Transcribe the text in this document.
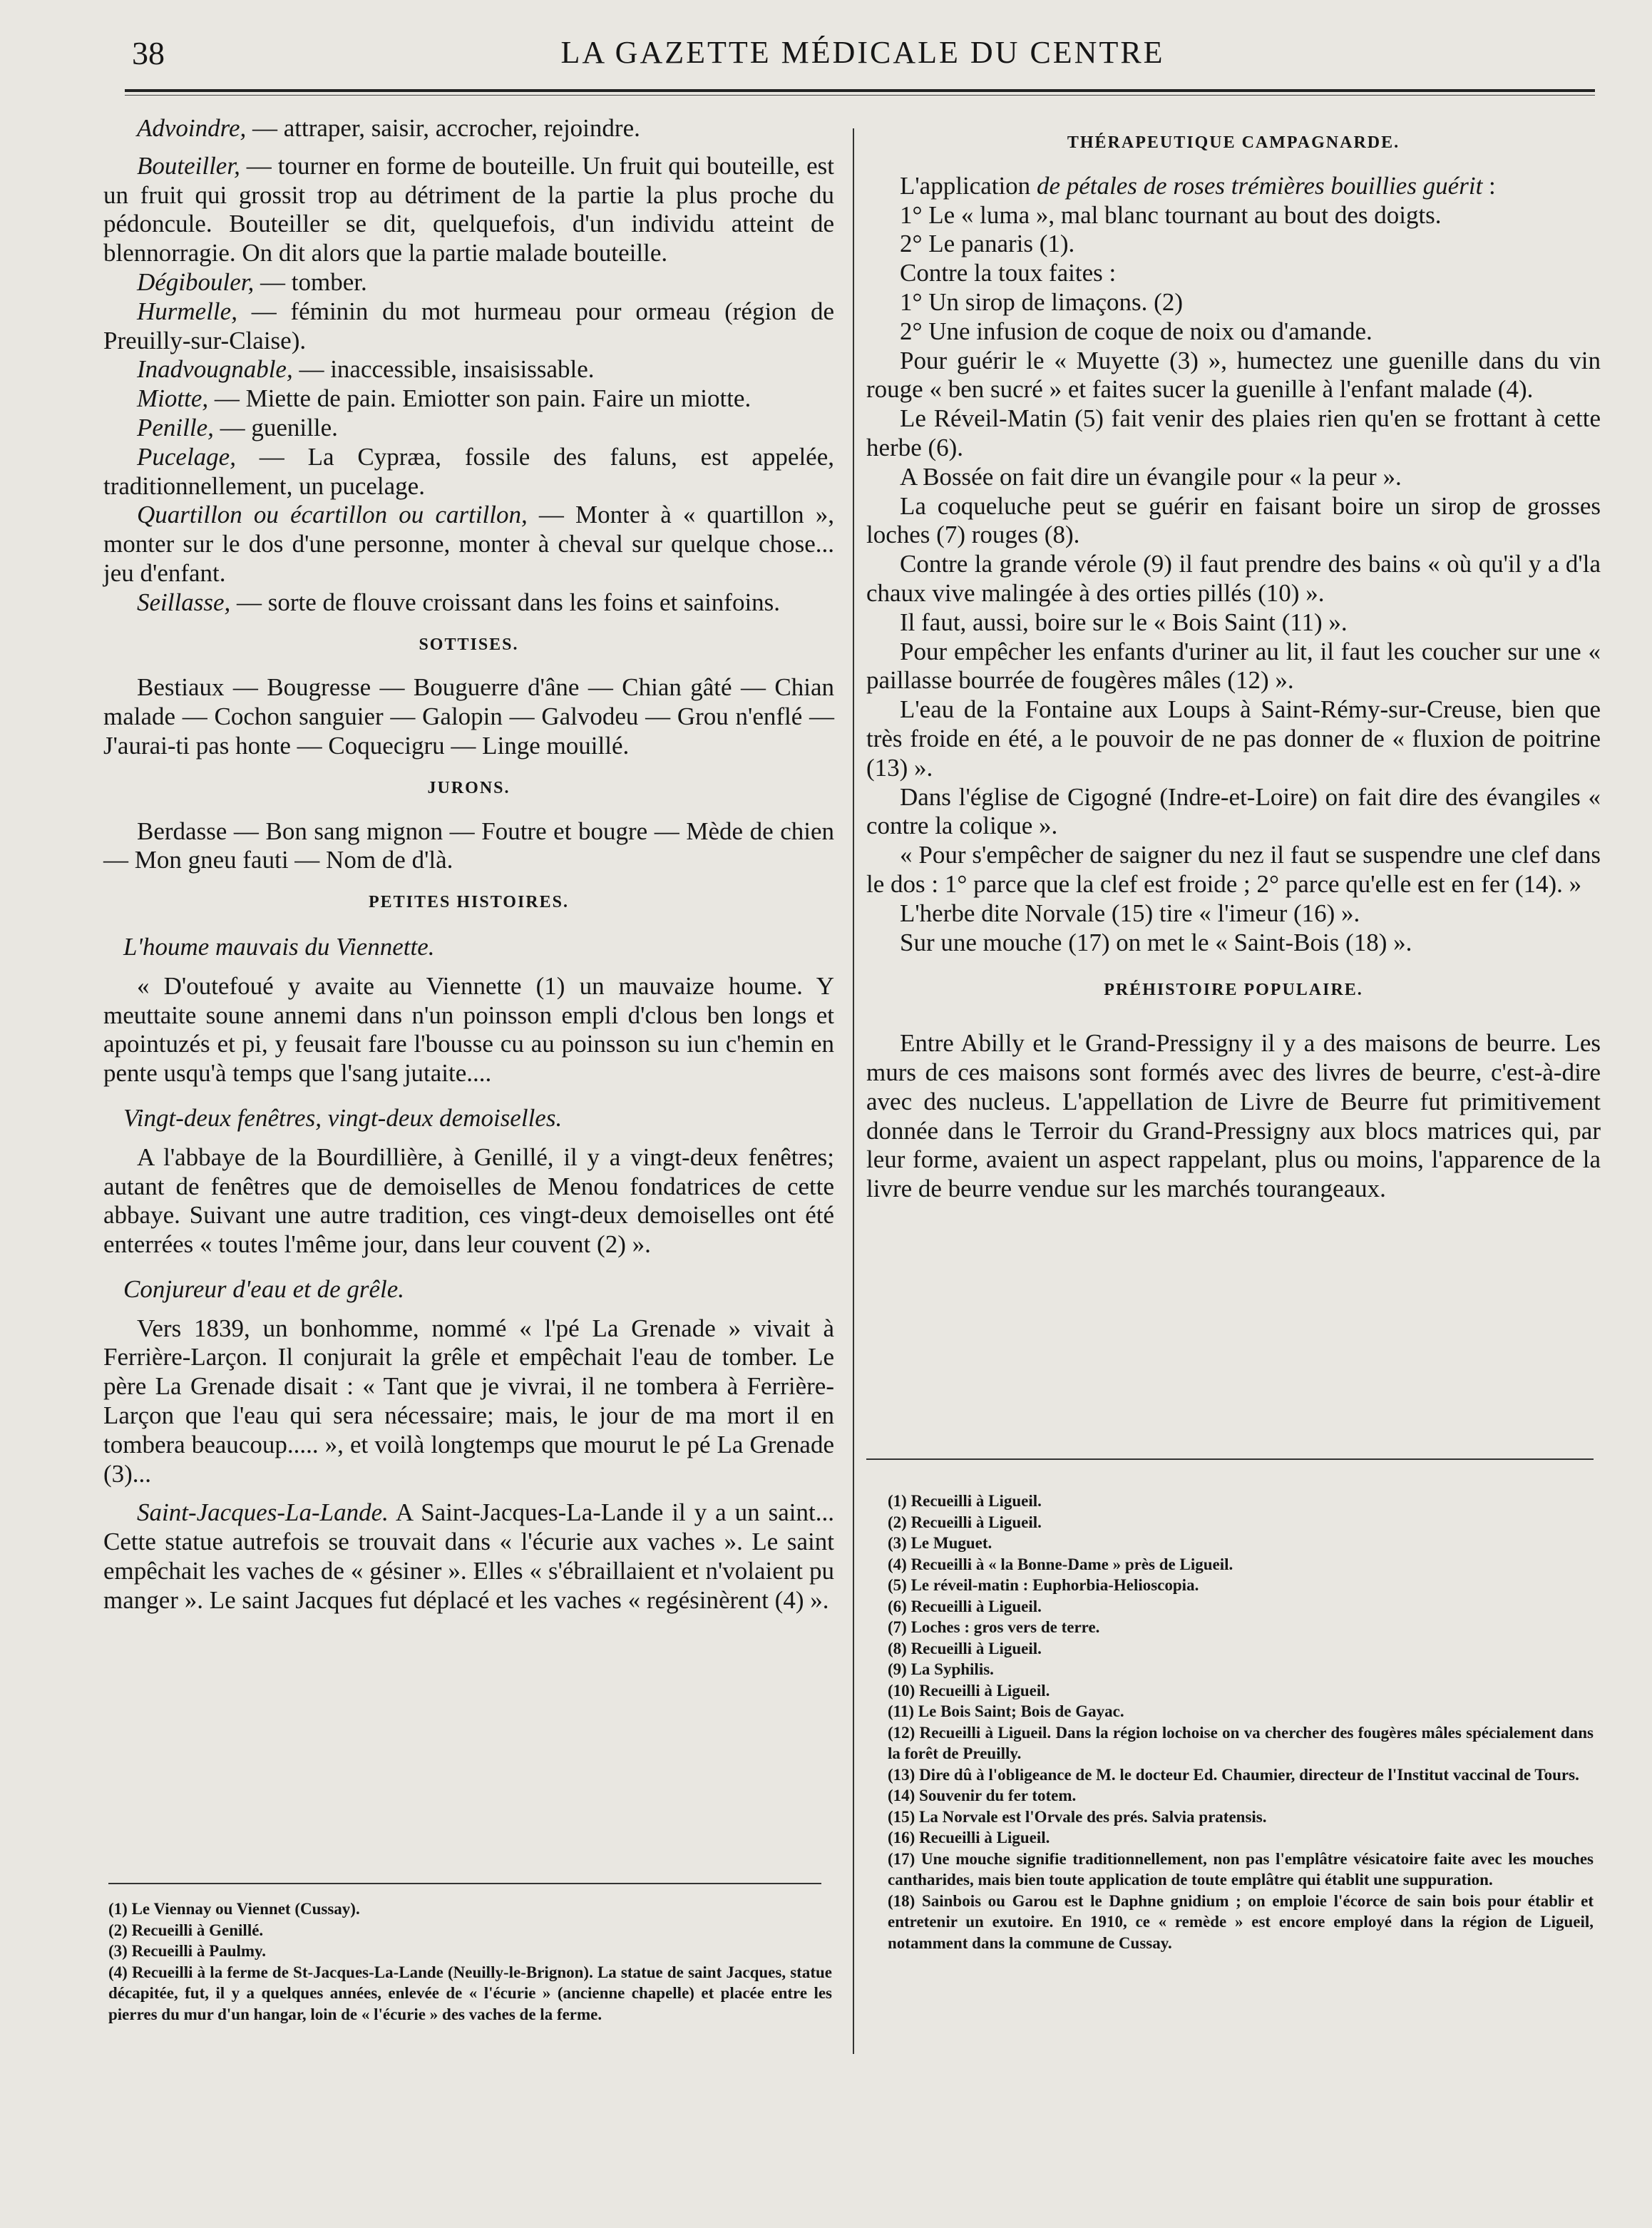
38	LA GAZETTE MÉDICALE DU CENTRE

Advoindre, — attraper, saisir, accrocher, rejoindre.

Bouteiller, — tourner en forme de bouteille. Un fruit qui bouteille, est un fruit qui grossit trop au détriment de la partie la plus proche du pédoncule. Bouteiller se dit, quelquefois, d'un individu atteint de blennorragie. On dit alors que la partie malade bouteille.

Dégibouler, — tomber.

Hurmelle, — féminin du mot hurmeau pour ormeau (région de Preuilly-sur-Claise).

Inadvougnable, — inaccessible, insaisissable.

Miotte, — Miette de pain. Emiotter son pain. Faire un miotte.

Penille, — guenille.

Pucelage, — La Cypræa, fossile des faluns, est appelée, traditionnellement, un pucelage.

Quartillon ou écartillon ou cartillon, — Monter à « quartillon », monter sur le dos d'une personne, monter à cheval sur quelque chose... jeu d'enfant.

Seillasse, — sorte de flouve croissant dans les foins et sainfoins.

SOTTISES.

Bestiaux — Bougresse — Bouguerre d'âne — Chian gâté — Chian malade — Cochon sanguier — Galopin — Galvodeu — Grou n'enflé — J'aurai-ti pas honte — Coquecigru — Linge mouillé.

JURONS.

Berdasse — Bon sang mignon — Foutre et bougre — Mède de chien — Mon gneu fauti — Nom de d'là.

PETITES HISTOIRES.

L'houme mauvais du Viennette.

« D'outefoué y avaite au Viennette (1) un mauvaize houme. Y meuttaite soune annemi dans n'un poinsson empli d'clous ben longs et apointuzés et pi, y feusait fare l'bousse cu au poinsson su iun c'hemin en pente usqu'à temps que l'sang jutaite....

Vingt-deux fenêtres, vingt-deux demoiselles.

A l'abbaye de la Bourdillière, à Genillé, il y a vingt-deux fenêtres; autant de fenêtres que de demoiselles de Menou fondatrices de cette abbaye. Suivant une autre tradition, ces vingt-deux demoiselles ont été enterrées « toutes l'même jour, dans leur couvent (2) ».

Conjureur d'eau et de grêle.

Vers 1839, un bonhomme, nommé « l'pé La Grenade » vivait à Ferrière-Larçon. Il conjurait la grêle et empêchait l'eau de tomber. Le père La Grenade disait : « Tant que je vivrai, il ne tombera à Ferrière-Larçon que l'eau qui sera nécessaire; mais, le jour de ma mort il en tombera beaucoup..... », et voilà longtemps que mourut le pé La Grenade (3)...

Saint-Jacques-La-Lande. A Saint-Jacques-La-Lande il y a un saint... Cette statue autrefois se trouvait dans « l'écurie aux vaches ». Le saint empêchait les vaches de « gésiner ». Elles « s'ébraillaient et n'volaient pu manger ». Le saint Jacques fut déplacé et les vaches « regésinèrent (4) ».

(1) Le Viennay ou Viennet (Cussay).

(2) Recueilli à Genillé.

(3) Recueilli à Paulmy.

(4) Recueilli à la ferme de St-Jacques-La-Lande (Neuilly-le-Brignon). La statue de saint Jacques, statue décapitée, fut, il y a quelques années, enlevée de « l'écurie » (ancienne chapelle) et placée entre les pierres du mur d'un hangar, loin de « l'écurie » des vaches de la ferme.

THÉRAPEUTIQUE CAMPAGNARDE.

L'application de pétales de roses trémières bouillies guérit :

1° Le « luma », mal blanc tournant au bout des doigts.

2° Le panaris (1).

Contre la toux faites :

1° Un sirop de limaçons. (2)

2° Une infusion de coque de noix ou d'amande.

Pour guérir le « Muyette (3) », humectez une guenille dans du vin rouge « ben sucré » et faites sucer la guenille à l'enfant malade (4).

Le Réveil-Matin (5) fait venir des plaies rien qu'en se frottant à cette herbe (6).

A Bossée on fait dire un évangile pour « la peur ».

La coqueluche peut se guérir en faisant boire un sirop de grosses loches (7) rouges (8).

Contre la grande vérole (9) il faut prendre des bains « où qu'il y a d'la chaux vive malingée à des orties pillés (10) ».

Il faut, aussi, boire sur le « Bois Saint (11) ».

Pour empêcher les enfants d'uriner au lit, il faut les coucher sur une « paillasse bourrée de fougères mâles (12) ».

L'eau de la Fontaine aux Loups à Saint-Rémy-sur-Creuse, bien que très froide en été, a le pouvoir de ne pas donner de « fluxion de poitrine (13) ».

Dans l'église de Cigogné (Indre-et-Loire) on fait dire des évangiles « contre la colique ».

« Pour s'empêcher de saigner du nez il faut se suspendre une clef dans le dos : 1° parce que la clef est froide ; 2° parce qu'elle est en fer (14). »

L'herbe dite Norvale (15) tire « l'imeur (16) ».

Sur une mouche (17) on met le « Saint-Bois (18) ».

PRÉHISTOIRE POPULAIRE.

Entre Abilly et le Grand-Pressigny il y a des maisons de beurre. Les murs de ces maisons sont formés avec des livres de beurre, c'est-à-dire avec des nucleus. L'appellation de Livre de Beurre fut primitivement donnée dans le Terroir du Grand-Pressigny aux blocs matrices qui, par leur forme, avaient un aspect rappelant, plus ou moins, l'apparence de la livre de beurre vendue sur les marchés tourangeaux.

(1) Recueilli à Ligueil.

(2) Recueilli à Ligueil.

(3) Le Muguet.

(4) Recueilli à « la Bonne-Dame » près de Ligueil.

(5) Le réveil-matin : Euphorbia-Helioscopia.

(6) Recueilli à Ligueil.

(7) Loches : gros vers de terre.

(8) Recueilli à Ligueil.

(9) La Syphilis.

(10) Recueilli à Ligueil.

(11) Le Bois Saint; Bois de Gayac.

(12) Recueilli à Ligueil. Dans la région lochoise on va chercher des fougères mâles spécialement dans la forêt de Preuilly.

(13) Dire dû à l'obligeance de M. le docteur Ed. Chaumier, directeur de l'Institut vaccinal de Tours.

(14) Souvenir du fer totem.

(15) La Norvale est l'Orvale des prés. Salvia pratensis.

(16) Recueilli à Ligueil.

(17) Une mouche signifie traditionnellement, non pas l'emplâtre vésicatoire faite avec les mouches cantharides, mais bien toute application de toute emplâtre qui établit une suppuration.

(18) Sainbois ou Garou est le Daphne gnidium ; on emploie l'écorce de sain bois pour établir et entretenir un exutoire. En 1910, ce « remède » est encore employé dans la région de Ligueil, notamment dans la commune de Cussay.
